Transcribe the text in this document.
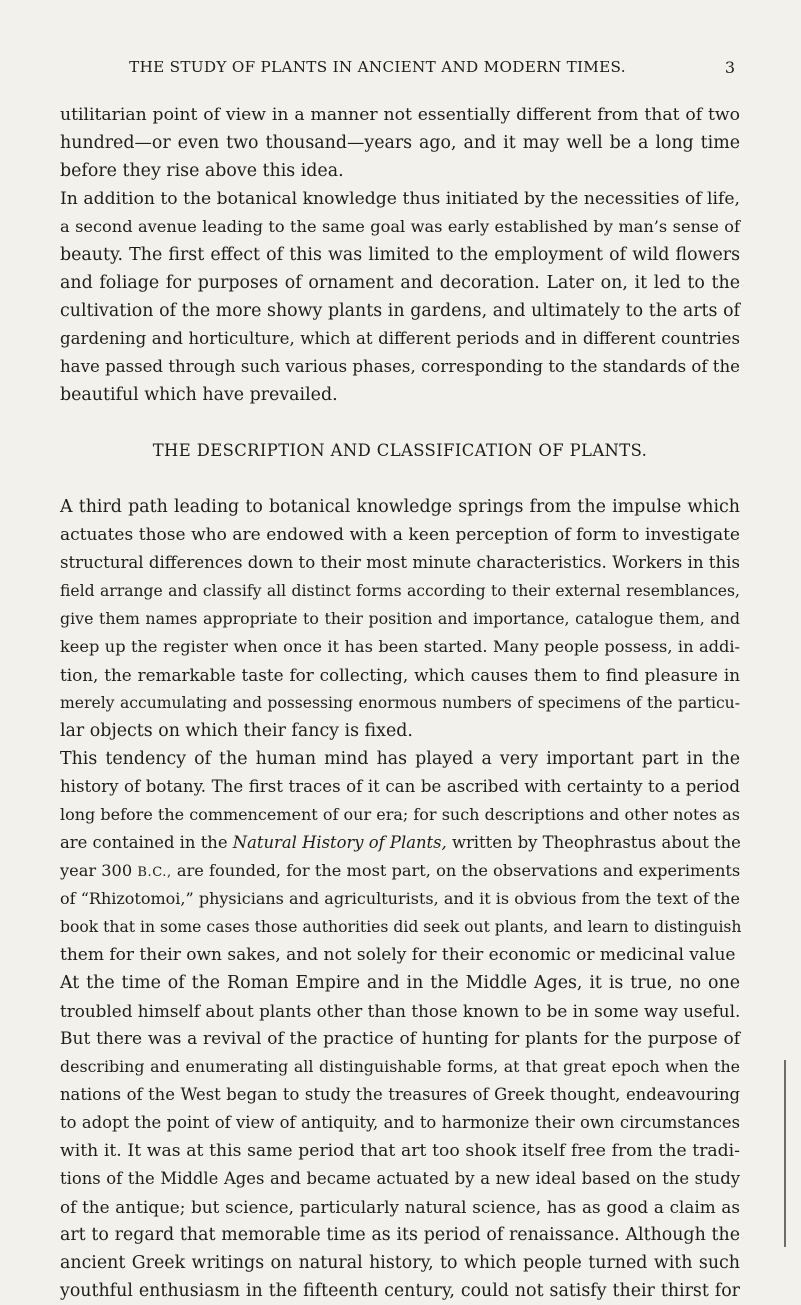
THE STUDY OF PLANTS IN ANCIENT AND MODERN TIMES.	3
utilitarian point of view in a manner not essentially different from that of two
hundred—or even two thousand—years ago, and it may well be a long time
before they rise above this idea.
In addition to the botanical knowledge thus initiated by the necessities of life,
a second avenue leading to the same goal was early established by man’s sense of
beauty. The first effect of this was limited to the employment of wild flowers
and foliage for purposes of ornament and decoration. Later on, it led to the
cultivation of the more showy plants in gardens, and ultimately to the arts of
gardening and horticulture, which at different periods and in different countries
have passed through such various phases, corresponding to the standards of the
beautiful which have prevailed.
THE DESCRIPTION AND CLASSIFICATION OF PLANTS.
A third path leading to botanical knowledge springs from the impulse which
actuates those who are endowed with a keen perception of form to investigate
structural differences down to their most minute characteristics. Workers in this
field arrange and classify all distinct forms according to their external resemblances,
give them names appropriate to their position and importance, catalogue them, and
keep up the register when once it has been started. Many people possess, in addi-
tion, the remarkable taste for collecting, which causes them to find pleasure in
merely accumulating and possessing enormous numbers of specimens of the particu-
lar objects on which their fancy is fixed.
This tendency of the human mind has played a very important part in the
history of botany. The first traces of it can be ascribed with certainty to a period
long before the commencement of our era; for such descriptions and other notes as
are contained in the Natural History of Plants, written by Theophrastus about the
year 300 B.C., are founded, for the most part, on the observations and experiments
of “Rhizotomoi,” physicians and agriculturists, and it is obvious from the text of the
book that in some cases those authorities did seek out plants, and learn to distinguish
them for their own sakes, and not solely for their economic or medicinal value
At the time of the Roman Empire and in the Middle Ages, it is true, no one
troubled himself about plants other than those known to be in some way useful.
But there was a revival of the practice of hunting for plants for the purpose of
describing and enumerating all distinguishable forms, at that great epoch when the
nations of the West began to study the treasures of Greek thought, endeavouring
to adopt the point of view of antiquity, and to harmonize their own circumstances
with it. It was at this same period that art too shook itself free from the tradi-
tions of the Middle Ages and became actuated by a new ideal based on the study
of the antique; but science, particularly natural science, has as good a claim as
art to regard that memorable time as its period of renaissance. Although the
ancient Greek writings on natural history, to which people turned with such
youthful enthusiasm in the fifteenth century, could not satisfy their thirst for
